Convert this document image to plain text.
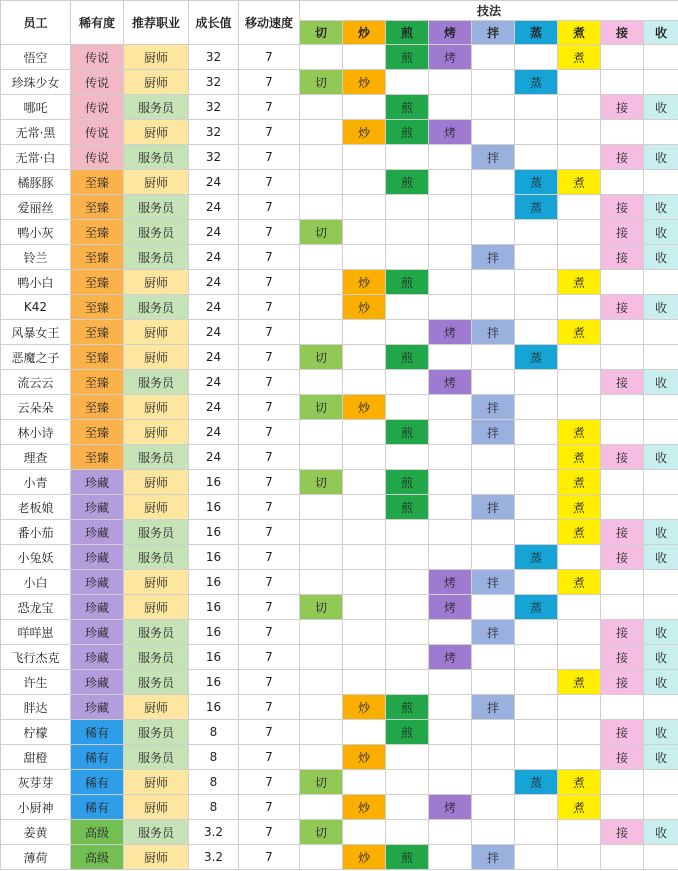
员工	稀有度	推荐职业	成长值	移动速度	技法								
					切	炒	煎	烤	拌	蒸	煮	接	收
悟空	传说	厨师	32	7			煎	烤			煮		
珍珠少女	传说	厨师	32	7	切	炒				蒸			
哪吒	传说	服务员	32	7			煎					接	收
无常·黑	传说	厨师	32	7		炒	煎	烤					
无常·白	传说	服务员	32	7					拌			接	收
橘豚豚	至臻	厨师	24	7			煎			蒸	煮		
爱丽丝	至臻	服务员	24	7						蒸		接	收
鸭小灰	至臻	服务员	24	7	切							接	收
铃兰	至臻	服务员	24	7					拌			接	收
鸭小白	至臻	厨师	24	7		炒	煎				煮		
K42	至臻	服务员	24	7		炒						接	收
风暴女王	至臻	厨师	24	7				烤	拌		煮		
恶魔之子	至臻	厨师	24	7	切		煎			蒸			
流云云	至臻	服务员	24	7				烤				接	收
云朵朵	至臻	厨师	24	7	切	炒			拌				
林小诗	至臻	厨师	24	7			煎		拌		煮		
理查	至臻	服务员	24	7							煮	接	收
小青	珍藏	厨师	16	7	切		煎				煮		
老板娘	珍藏	厨师	16	7			煎		拌		煮		
番小茄	珍藏	服务员	16	7							煮	接	收
小兔妖	珍藏	服务员	16	7						蒸		接	收
小白	珍藏	厨师	16	7				烤	拌		煮		
恐龙宝	珍藏	厨师	16	7	切			烤		蒸			
咩咩崽	珍藏	服务员	16	7					拌			接	收
飞行杰克	珍藏	服务员	16	7				烤				接	收
许生	珍藏	服务员	16	7							煮	接	收
胖达	珍藏	厨师	16	7		炒	煎		拌				
柠檬	稀有	服务员	8	7			煎					接	收
甜橙	稀有	服务员	8	7		炒						接	收
灰芽芽	稀有	厨师	8	7	切					蒸	煮		
小厨神	稀有	厨师	8	7		炒		烤			煮		
姜黄	高级	服务员	3.2	7	切							接	收
薄荷	高级	厨师	3.2	7		炒	煎		拌				
